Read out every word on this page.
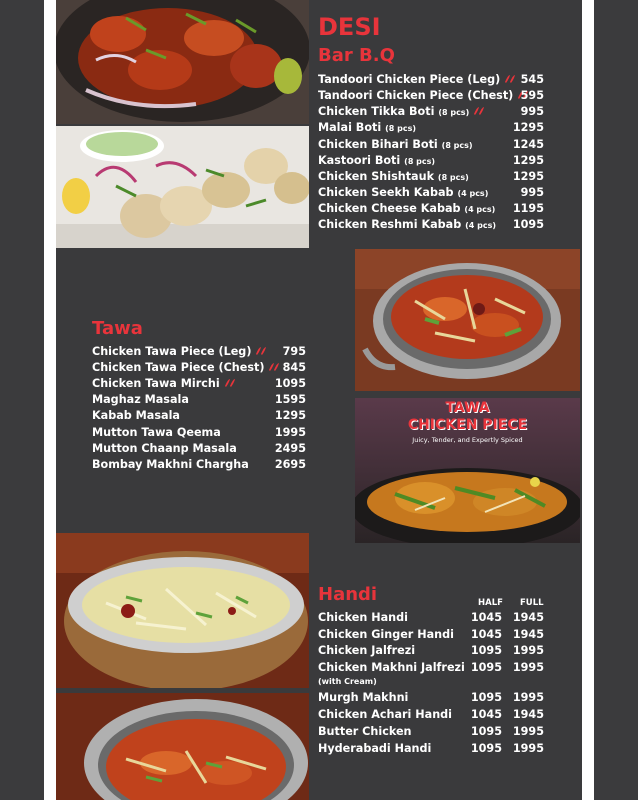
TAWA
CHICKEN PIECE
Juicy, Tender, and Expertly Spiced
DESI
Bar B.Q
Tandoori Chicken Piece (Leg)	545
Tandoori Chicken Piece (Chest) 595
Chicken Tikka Boti (8 pcs)	995
Malai Boti (8 pcs)	1295
Chicken Bihari Boti (8 pcs)	1245
Kastoori Boti (8 pcs)	1295
Chicken Shishtauk (8 pcs)	1295
Chicken Seekh Kabab (4 pcs)	995
Chicken Cheese Kabab (4 pcs) 1195
Chicken Reshmi Kabab (4 pcs) 1095
Tawa
Chicken Tawa Piece (Leg)	795
Chicken Tawa Piece (Chest)	845
Chicken Tawa Mirchi	1095
Maghaz Masala	1595
Kabab Masala	1295
Mutton Tawa Qeema	1995
Mutton Chaanp Masala	2495
Bombay Makhni Chargha 2695
Handi	HALF FULL
Chicken Handi	1045 1945
Chicken Ginger Handi 1045 1945
Chicken Jalfrezi	1095 1995
Chicken Makhni Jalfrezi 1095 1995
(with Cream)
Murgh Makhni	1095 1995
Chicken Achari Handi 1045 1945
Butter Chicken	1095 1995
Hyderabadi Handi	1095 1995
